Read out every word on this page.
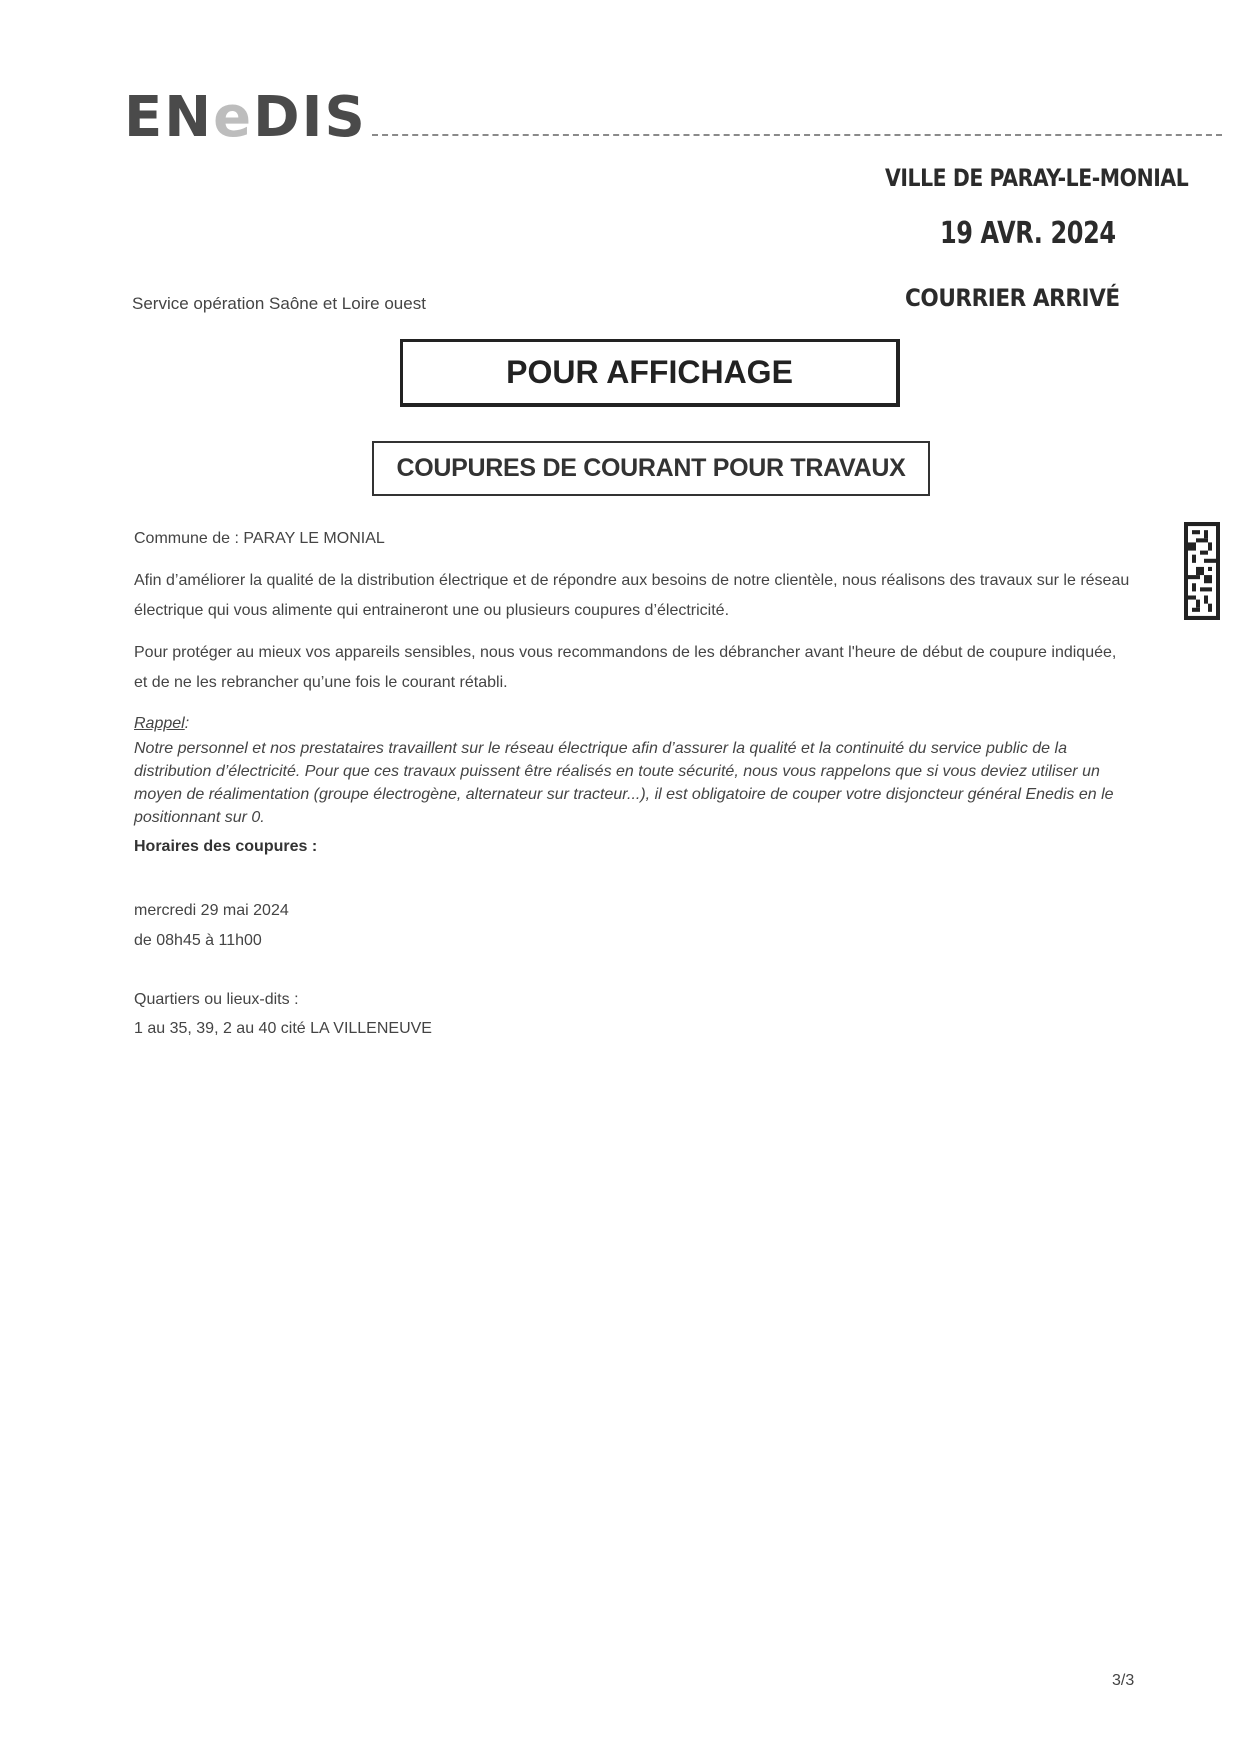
ENeDIS
VILLE DE PARAY-LE-MONIAL
19 AVR. 2024
COURRIER ARRIVÉ
Service opération Saône et Loire ouest
POUR AFFICHAGE
COUPURES DE COURANT POUR TRAVAUX
Commune de : PARAY LE MONIAL
Afin d’améliorer la qualité de la distribution électrique et de répondre aux besoins de notre clientèle, nous réalisons des travaux sur le réseau électrique qui vous alimente qui entraineront une ou plusieurs coupures d’électricité.
Pour protéger au mieux vos appareils sensibles, nous vous recommandons de les débrancher avant l'heure de début de coupure indiquée, et de ne les rebrancher qu’une fois le courant rétabli.
Rappel:
Notre personnel et nos prestataires travaillent sur le réseau électrique afin d’assurer la qualité et la continuité du service public de la distribution d’électricité. Pour que ces travaux puissent être réalisés en toute sécurité, nous vous rappelons que si vous deviez utiliser un moyen de réalimentation (groupe électrogène, alternateur sur tracteur...), il est obligatoire de couper votre disjoncteur général Enedis en le positionnant sur 0.
Horaires des coupures :
mercredi 29 mai 2024
de 08h45 à 11h00
Quartiers ou lieux-dits :
1 au 35, 39, 2 au 40 cité LA VILLENEUVE
3/3
